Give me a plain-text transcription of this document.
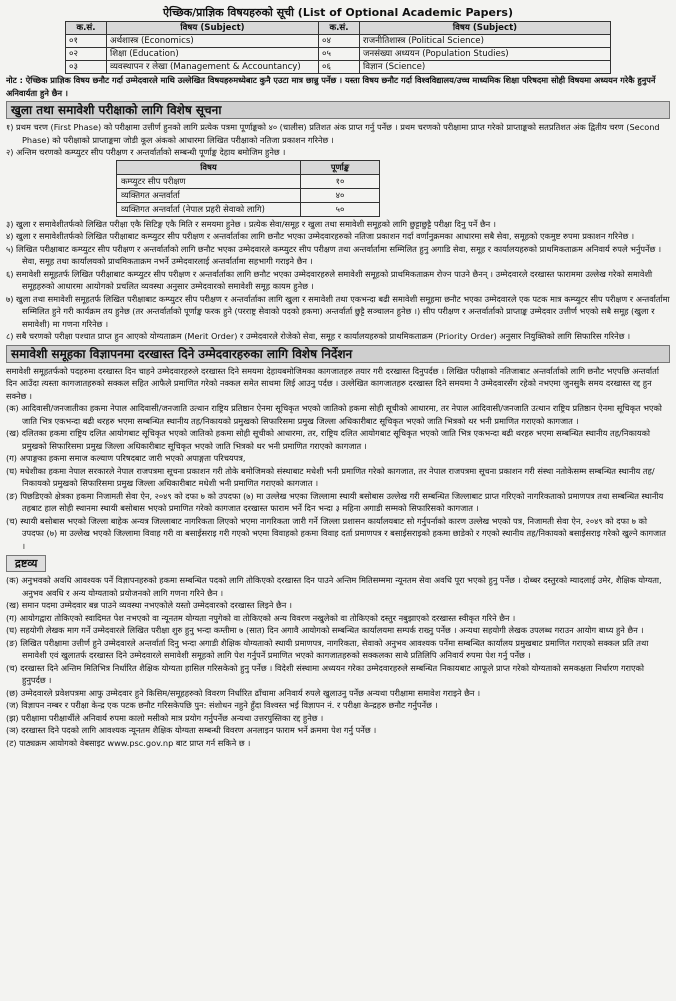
ऐच्छिक/प्राज्ञिक विषयहरुको सूची (List of Optional Academic Papers)
क.सं.	विषय (Subject)	क.सं.	विषय (Subject)
०१	अर्थशास्त्र (Economics)	०४	राजनीतिशास्त्र (Political Science)
०२	शिक्षा (Education)	०५	जनसंख्या अध्ययन (Population Studies)
०३	व्यवस्थापन र लेखा (Management & Accountancy)	०६	विज्ञान (Science)

नोट : ऐच्छिक प्राज्ञिक विषय छनौट गर्दा उम्मेदवारले माथि उल्लेखित विषयहरुमध्येबाट कुनै एउटा मात्र छान्नु पर्नेछ । यस्ता विषय छनौट गर्दा विश्वविद्यालय/उच्च माध्यमिक शिक्षा परिषदमा सोही विषयमा अध्ययन गरेकै हुनुपर्ने अनिवार्यता हुने छैन ।

खुला तथा समावेशी परीक्षाको लागि विशेष सूचना

१) प्रथम चरण (First Phase) को परीक्षामा उत्तीर्ण हुनको लागि प्रत्येक पत्रमा पूर्णाङ्कको ४० (चालीस) प्रतिशत अंक प्राप्त गर्नु पर्नेछ । प्रथम चरणको परीक्षामा प्राप्त गरेको प्राप्ताङ्कको सतप्रतिशत अंक द्वितीय चरण (Second Phase) को परीक्षाको प्राप्ताङ्कमा जोडी कूल अंकको आधारमा लिखित परीक्षाको नतिजा प्रकाशन गरिनेछ ।

२) अन्तिम चरणको कम्प्युटर सीप परीक्षण र अन्तर्वार्ताको सम्बन्धी पूर्णाङ्क देहाय बमोजिम हुनेछ ।

विषय	पूर्णाङ्क
कम्प्युटर सीप परीक्षण	१०
व्यक्तिगत अन्तर्वार्ता	४०
व्यक्तिगत अन्तर्वार्ता (नेपाल प्रहरी सेवाको लागि)	५०

३) खुला र समावेशीतर्फको लिखित परीक्षा एकै सिटिङ्ग एकै मिति र समयमा हुनेछ । प्रत्येक सेवा/समूह र खुला तथा समावेशी समूहको लागि छुट्टाछुट्टै परीक्षा दिनु पर्ने छैन ।

४) खुला र समावेशीतर्फको लिखित परीक्षाबाट कम्प्युटर सीप परीक्षण र अन्तर्वार्ताका लागि छनौट भएका उम्मेदवारहरुको नतिजा प्रकाशन गर्दा वर्णानुक्रमका आधारमा सबै सेवा, समूहको एकमुष्ट रुपमा प्रकाशन गरिनेछ ।

५) लिखित परीक्षाबाट कम्प्युटर सीप परीक्षण र अन्तर्वार्ताको लागि छनौट भएका उम्मेदवारले कम्प्युटर सीप परीक्षण तथा अन्तर्वार्तामा सम्मिलित हुनु अगाडि सेवा, समूह र कार्यालयहरुको प्राथमिकताक्रम अनिवार्य रुपले भर्नुपर्नेछ । सेवा, समूह तथा कार्यालयको प्राथमिकताक्रम नभर्ने उम्मेदवारलाई अन्तर्वार्तामा सहभागी गराइने छैन ।

६) समावेशी समूहतर्फ लिखित परीक्षाबाट कम्प्युटर सीप परीक्षण र अन्तर्वार्ताका लागि छनौट भएका उम्मेदवारहरुले समावेशी समूहको प्राथमिकताक्रम रोज्न पाउने छैनन् । उम्मेदवारले दरखास्त फाराममा उल्लेख गरेको समावेशी समूहहरुको आधारमा आयोगको प्रचलित व्यवस्था अनुसार उम्मेदवारको समावेशी समूह कायम हुनेछ ।

७) खुला तथा समावेशी समूहतर्फ लिखित परीक्षाबाट कम्प्युटर सीप परीक्षण र अन्तर्वार्ताका लागि खुला र समावेशी तथा एकभन्दा बढी समावेशी समूहमा छनौट भएका उम्मेदवारले एक पटक मात्र कम्प्युटर सीप परीक्षण र अन्तर्वार्तामा सम्मिलित हुने गरी कार्यक्रम तय हुनेछ (तर अन्तर्वार्ताको पूर्णाङ्क फरक हुने (परराष्ट्र सेवाको पदको हकमा) अन्तर्वार्ता छुट्टै सञ्चालन हुनेछ ।) सीप परीक्षण र अन्तर्वार्ताको प्राप्ताङ्क उम्मेदवार उत्तीर्ण भएको सबै समूह (खुला र समावेशी) मा गणना गरिनेछ ।

८) सबै चरणको परीक्षा पश्चात प्राप्त हुन आएको योग्यताक्रम (Merit Order) र उम्मेदवारले रोजेको सेवा, समूह र कार्यालयहरुको प्राथमिकताक्रम (Priority Order) अनुसार नियुक्तिको लागि सिफारिस गरिनेछ ।

समावेशी समूहका विज्ञापनमा दरखास्त दिने उम्मेदवारहरुका लागि विशेष निर्देशन

समावेशी समूहतर्फको पदहरुमा दरखास्त दिन चाहने उम्मेदवारहरुले दरखास्त दिने समयमा देहायबमोजिमका कागजातहरु तयार गरी दरखास्त दिनुपर्दछ । लिखित परीक्षाको नतिजाबाट अन्तर्वार्ताको लागि छनौट भएपछि अन्तर्वार्ता दिन आउँदा त्यस्ता कागजातहरुको सक्कल सहित आफैले प्रमाणित गरेको नक्कल समेत साथमा लिई आउनु पर्दछ । उल्लेखित कागजातहरु दरखास्त दिने समयमा नै उम्मेदवारसँग रहेको नभएमा जुनसुकै समय दरखास्त रद्द हुन सक्नेछ ।

(क) आदिवासी/जनजातीका हकमा नेपाल आदिवासी/जनजाति उत्थान राष्ट्रिय प्रतिष्ठान ऐनमा सूचिकृत भएको जातिको हकमा सोही सूचीको आधारमा, तर नेपाल आदिवासी/जनजाति उत्थान राष्ट्रिय प्रतिष्ठान ऐनमा सूचिकृत भएको जाति भित्र एकभन्दा बढी थरहरु भएमा सम्बन्धित स्थानीय तह/निकायको प्रमुखको सिफारिसमा प्रमुख जिल्ला अधिकारीबाट सूचिकृत भएको जाति भित्रको थर भनी प्रमाणित गराएको कागजात ।

(ख) दलितका हकमा राष्ट्रिय दलित आयोगबाट सूचिकृत भएको जातिको हकमा सोही सूचीको आधारमा, तर, राष्ट्रिय दलित आयोगबाट सूचिकृत भएको जाति भित्र एकभन्दा बढी थरहरु भएमा सम्बन्धित स्थानीय तह/निकायको प्रमुखको सिफारिसमा प्रमुख जिल्ला अधिकारीबाट सूचिकृत भएको जाति भित्रको थर भनी प्रमाणित गराएको कागजात ।

(ग) अपाङ्गका हकमा समाज कल्याण परिषदबाट जारी भएको अपाङ्गता परिचयपत्र,

(घ) मधेशीका हकमा नेपाल सरकारले नेपाल राजपत्रमा सूचना प्रकाशन गरी तोके बमोजिमको संस्थाबाट मधेशी भनी प्रमाणित गरेको कागजात, तर नेपाल राजपत्रमा सूचना प्रकाशन गरी संस्था नतोकेसम्म सम्बन्धित स्थानीय तह/निकायको प्रमुखको सिफारिसमा प्रमुख जिल्ला अधिकारीबाट मधेशी भनी प्रमाणित गराएको कागजात ।

(ङ) पिछडिएको क्षेत्रका हकमा निजामती सेवा ऐन, २०४९ को दफा ७ को उपदफा (७) मा उल्लेख भएका जिल्लामा स्थायी बसोबास उल्लेख गरी सम्बन्धित जिल्लाबाट प्राप्त गरिएको नागरिकताको प्रमाणपत्र तथा सम्बन्धित स्थानीय तहबाट हाल सोही स्थानमा स्थायी बसोबास भएको प्रमाणित गरेको कागजात दरखास्त फाराम भर्ने दिन भन्दा ३ महिना अगाडी सम्मको सिफारिसको कागजात ।

(च) स्थायी बसोबास भएको जिल्ला बाहेक अन्यत्र जिल्लाबाट नागरिकता लिएको भएमा नागरिकता जारी गर्ने जिल्ला प्रशासन कार्यालयबाट सो गर्नुपर्नाको कारण उल्लेख भएको पत्र, निजामती सेवा ऐन, २०४९ को दफा ७ को उपदफा (७) मा उल्लेख भएको जिल्लामा विवाह गरी वा बसाईसराइ गरी गएको भएमा विवाहको हकमा विवाह दर्ता प्रमाणपत्र र बसाईसराइको हकमा छाडेको र गएको स्थानीय तह/निकायको बसाईसराइ गरेको खुल्ने कागजात ।

द्रष्टव्य

(क) अनुभवको अवधि आवश्यक पर्ने विज्ञापनहरुको हकमा सम्बन्धित पदको लागि तोकिएको दरखास्त दिन पाउने अन्तिम मितिसम्ममा न्यूनतम सेवा अवधि पूरा भएको हुनु पर्नेछ । दोब्बर दस्तुरको म्यादलाई उमेर, शैक्षिक योग्यता, अनुभव अवधि र अन्य योग्यताको प्रयोजनको लागि गणना गरिने छैन ।

(ख) समान पदमा उम्मेदवार बन्न पाउने व्यवस्था नभएकोले यस्तो उम्मेदवारको दरखास्त लिइने छैन ।

(ग) आयोगद्वारा तोकिएको स्वादिमत पेश नभएको वा न्यूनतम योग्यता नपुगेको वा तोकिएको अन्य विवरण नखुलेको वा तोकिएको दस्तुर नबुझाएको दरखास्त स्वीकृत गरिने छैन ।

(घ) सहयोगी लेखक माग गर्ने उम्मेदवारले लिखित परीक्षा शुरु हुनु भन्दा कम्तीमा ७ (सात) दिन अगावै आयोगको सम्बन्धित कार्यालयमा सम्पर्क राख्नु पर्नेछ । अन्यथा सहयोगी लेखक उपलब्ध गराउन आयोग बाध्य हुने छैन ।

(ङ) लिखित परीक्षामा उत्तीर्ण हुने उम्मेदवारले अन्तर्वार्ता दिनु भन्दा अगाडी शैक्षिक योग्यताको स्थायी प्रमाणपत्र, नागरिकता, सेवाको अनुभव आवश्यक पर्नेमा सम्बन्धित कार्यालय प्रमुखबाट प्रमाणित गराएको सक्कल प्रति तथा समावेशी एवं खुलातर्फ दरखास्त दिने उम्मेदवारले समावेशी समूहको लागि पेश गर्नुपर्ने प्रमाणित भएको कागजातहरुको सक्कलका साथै प्रतिलिपि अनिवार्य रुपमा पेश गर्नु पर्नेछ ।

(च) दरखास्त दिने अन्तिम मितिभित्र निर्धारित शैक्षिक योग्यता हासिल गरिसकेको हुनु पर्नेछ । विदेशी संस्थामा अध्ययन गरेका उम्मेदवारहरुले सम्बन्धित निकायबाट आफूले प्राप्त गरेको योग्यताको समकक्षता निर्धारण गराएको हुनुपर्दछ ।

(छ) उम्मेदवारले प्रवेशपत्रमा आफु उम्मेदवार हुने किसिम/समूहहरुको विवरण निर्धारित ढाँचामा अनिवार्य रुपले खुलाउनु पर्नेछ अन्यथा परीक्षामा समावेश गराइने छैन ।

(ज) विज्ञापन नम्बर र परीक्षा केन्द्र एक पटक छनौट गरिसकेपछि पुन: संशोधन नहुने हुँदा विश्वस्त भई विज्ञापन नं. र परीक्षा केन्द्रहरु छनौट गर्नुपर्नेछ ।

(झ) परीक्षामा परीक्षार्थीले अनिवार्य रुपमा कालो मसीको मात्र प्रयोग गर्नुपर्नेछ अन्यथा उत्तरपुस्तिका रद्द हुनेछ ।

(ञ) दरखास्त दिने पदको लागि आवश्यक न्यूनतम शैक्षिक योग्यता सम्बन्धी विवरण अनलाइन फाराम भर्ने क्रममा पेश गर्नु पर्नेछ ।

(ट) पाठ्यक्रम आयोगको वेबसाइट www.psc.gov.np बाट प्राप्त गर्न सकिने छ ।
